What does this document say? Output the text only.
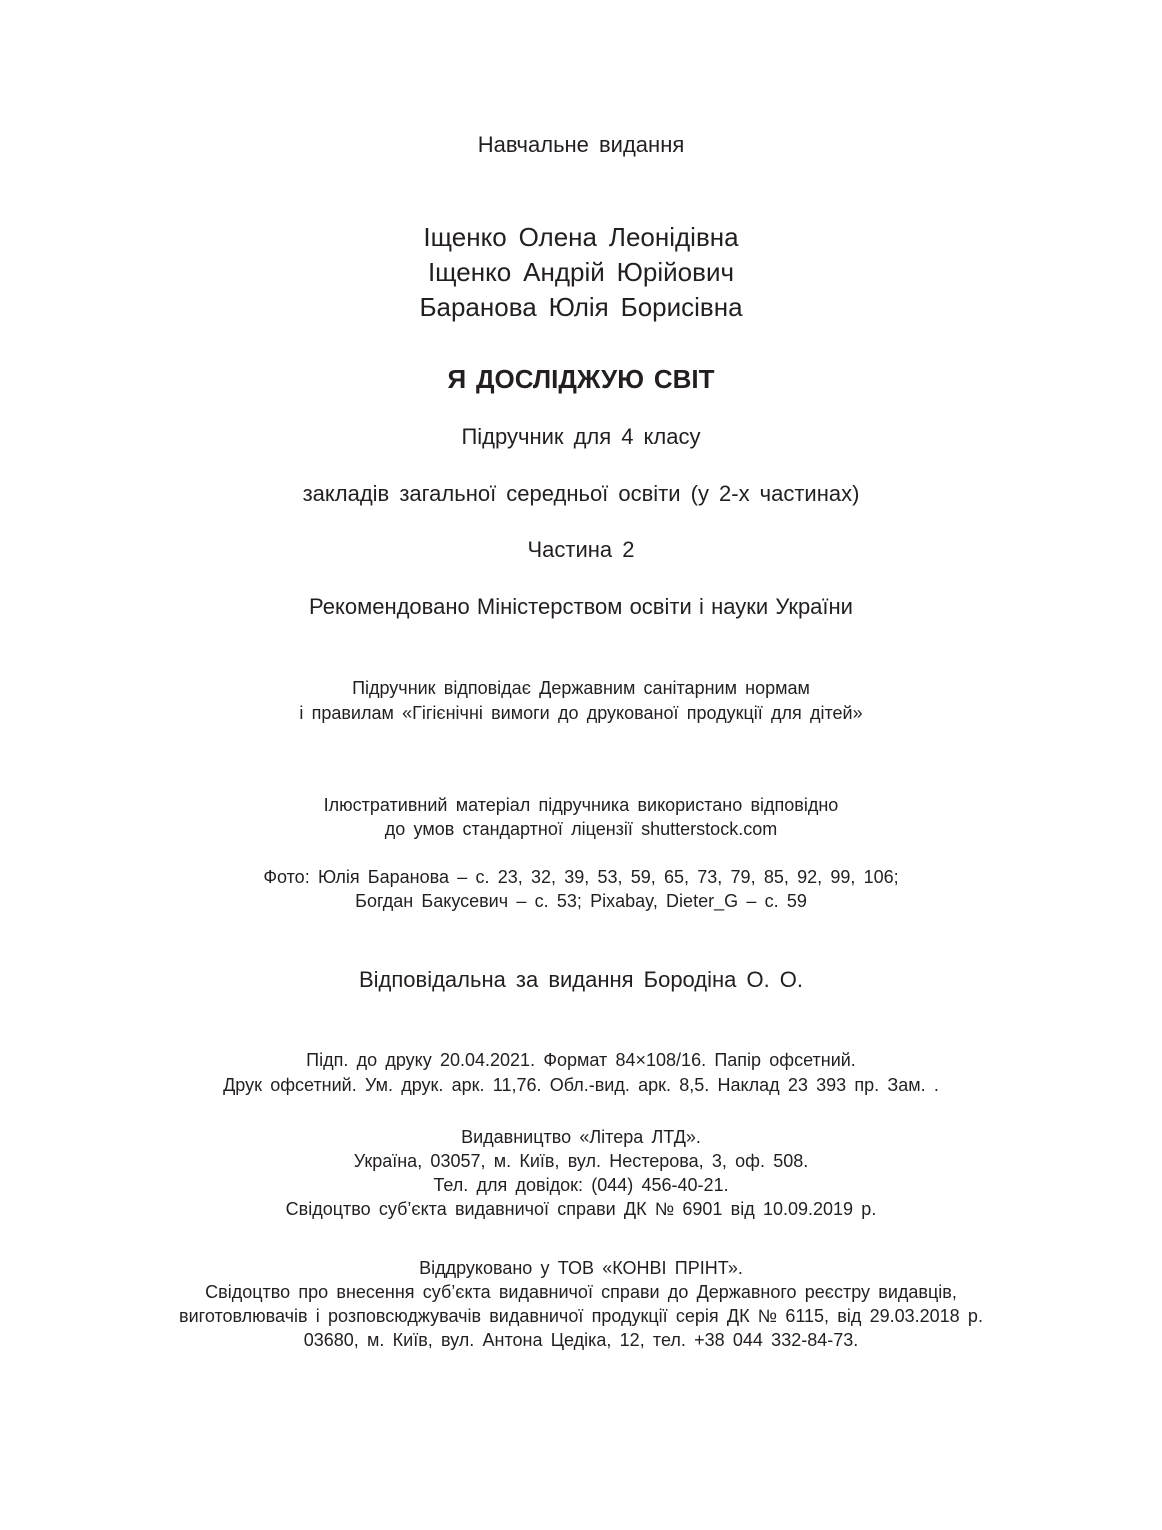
Навчальне видання
Іщенко Олена Леонідівна
Іщенко Андрій Юрійович
Баранова Юлія Борисівна
Я ДОСЛІДЖУЮ СВІТ
Підручник для 4 класу
закладів загальної середньої освіти (у 2-х частинах)
Частина 2
Рекомендовано Міністерством освіти і науки України
Підручник відповідає Державним санітарним нормам
і правилам «Гігієнічні вимоги до друкованої продукції для дітей»
Ілюстративний матеріал підручника використано відповідно
до умов стандартної ліцензії shutterstock.com
Фото: Юлія Баранова – с. 23, 32, 39, 53, 59, 65, 73, 79, 85, 92, 99, 106;
Богдан Бакусевич – с. 53; Pixabay, Dieter_G – с. 59
Відповідальна за видання Бородіна О. О.
Підп. до друку 20.04.2021. Формат 84×108/16. Папір офсетний.
Друк офсетний. Ум. друк. арк. 11,76. Обл.-вид. арк. 8,5. Наклад 23 393 пр. Зам. .
Видавництво «Літера ЛТД».
Україна, 03057, м. Київ, вул. Нестерова, 3, оф. 508.
Тел. для довідок: (044) 456-40-21.
Свідоцтво суб’єкта видавничої справи ДК № 6901 від 10.09.2019 р.
Віддруковано у ТОВ «КОНВІ ПРІНТ».
Свідоцтво про внесення суб’єкта видавничої справи до Державного реєстру видавців,
виготовлювачів і розповсюджувачів видавничої продукції серія ДК № 6115, від 29.03.2018 р.
03680, м. Київ, вул. Антона Цедіка, 12, тел. +38 044 332-84-73.
